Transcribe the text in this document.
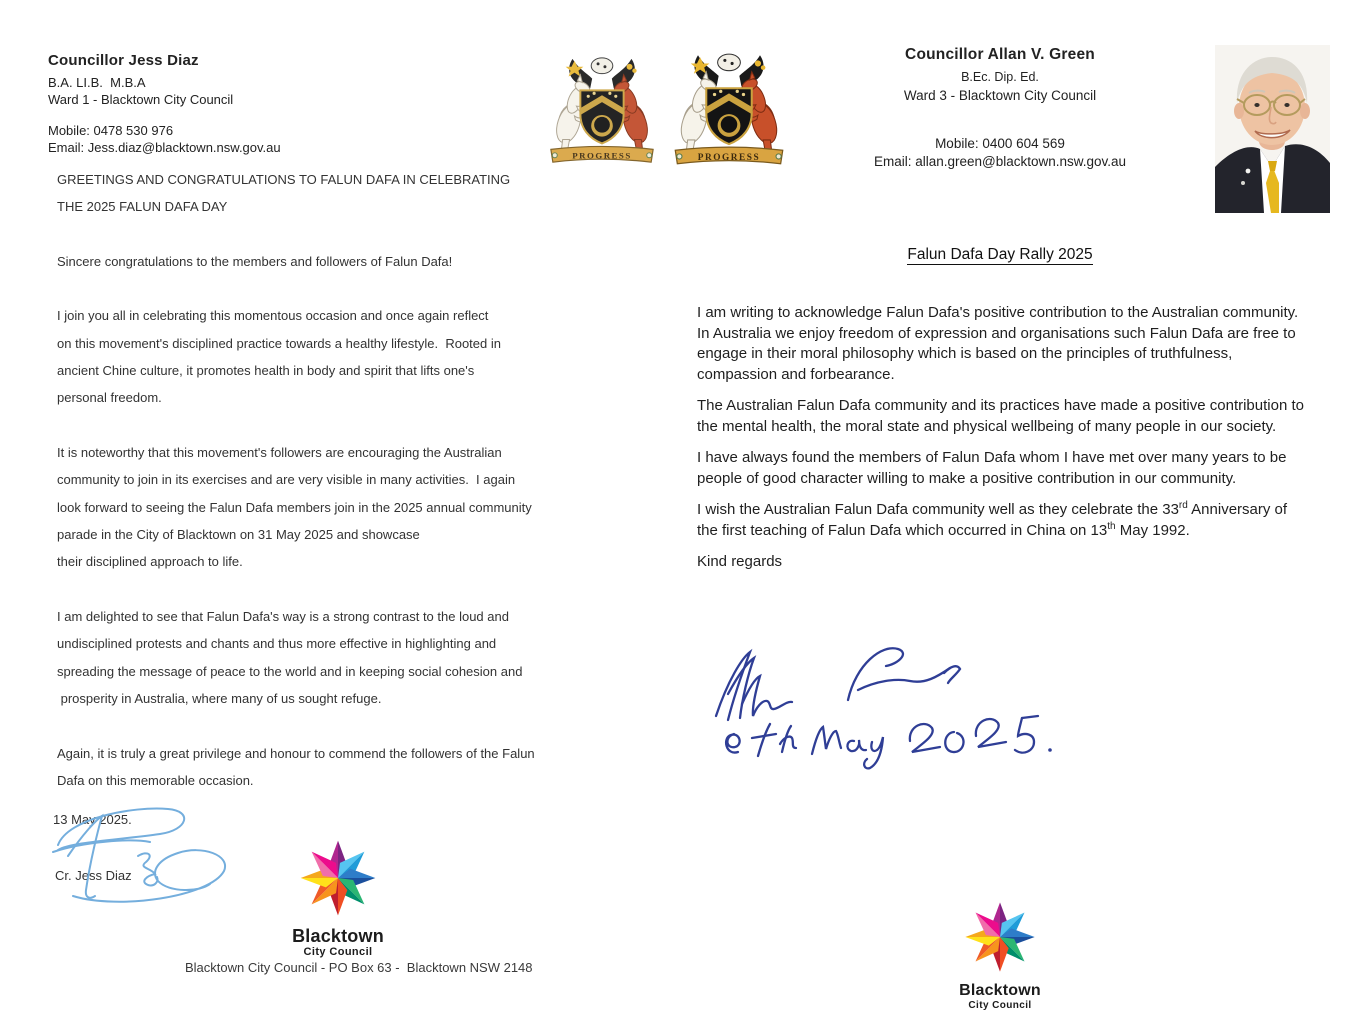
Councillor Jess Diaz
B.A. LI.B.  M.B.A
Ward 1 - Blacktown City Council
Mobile: 0478 530 976
Email: Jess.diaz@blacktown.nsw.gov.au
GREETINGS AND CONGRATULATIONS TO FALUN DAFA IN CELEBRATING
THE 2025 FALUN DAFA DAY
Sincere congratulations to the members and followers of Falun Dafa!
I join you all in celebrating this momentous occasion and once again reflect
on this movement's disciplined practice towards a healthy lifestyle.  Rooted in
ancient Chine culture, it promotes health in body and spirit that lifts one's
personal freedom.
It is noteworthy that this movement's followers are encouraging the Australian
community to join in its exercises and are very visible in many activities.  I again
look forward to seeing the Falun Dafa members join in the 2025 annual community
parade in the City of Blacktown on 31 May 2025 and showcase
their disciplined approach to life.
I am delighted to see that Falun Dafa's way is a strong contrast to the loud and
undisciplined protests and chants and thus more effective in highlighting and
spreading the message of peace to the world and in keeping social cohesion and
prosperity in Australia, where many of us sought refuge.
Again, it is truly a great privilege and honour to commend the followers of the Falun
Dafa on this memorable occasion.
13 May 2025.
Cr. Jess Diaz
Blacktown
City Council
Blacktown City Council - PO Box 63 -  Blacktown NSW 2148
PROGRESS	PROGRESS
Councillor Allan V. Green
B.Ec. Dip. Ed.
Ward 3 - Blacktown City Council
Mobile: 0400 604 569
Email: allan.green@blacktown.nsw.gov.au
Falun Dafa Day Rally 2025

I am writing to acknowledge Falun Dafa's positive contribution to the Australian community. In Australia we enjoy freedom of expression and organisations such Falun Dafa are free to engage in their moral philosophy which is based on the principles of truthfulness, compassion and forbearance.

The Australian Falun Dafa community and its practices have made a positive contribution to the mental health, the moral state and physical wellbeing of many people in our society.

I have always found the members of Falun Dafa whom I have met over many years to be people of good character willing to make a positive contribution in our community.

I wish the Australian Falun Dafa community well as they celebrate the 33rd Anniversary of the first teaching of Falun Dafa which occurred in China on 13th May 1992.

Kind regards

Blacktown
City Council
